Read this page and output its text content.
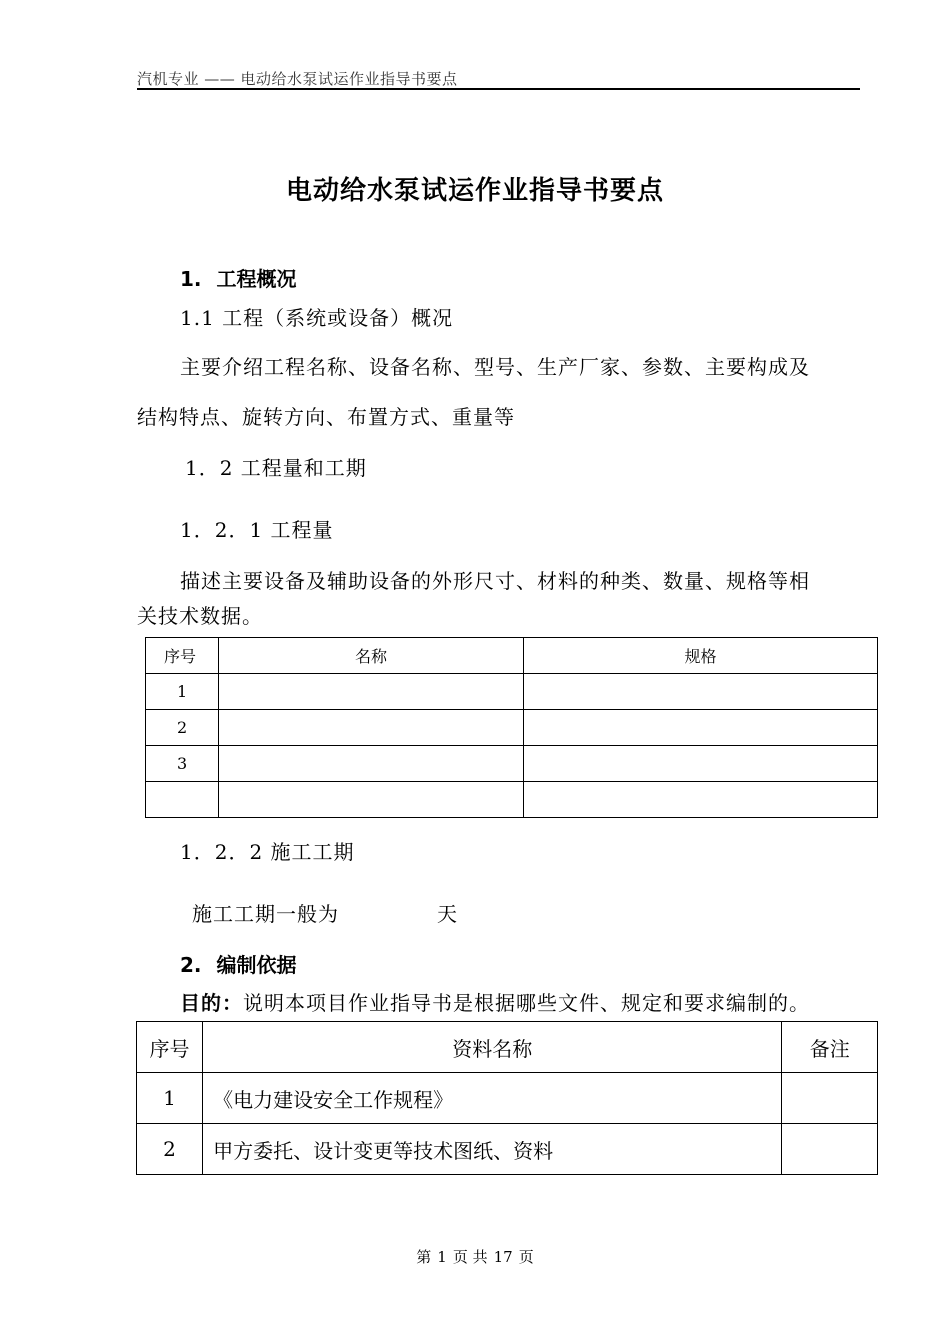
汽机专业 —— 电动给水泵试运作业指导书要点
电动给水泵试运作业指导书要点
1. 工程概况
1.1 工程（系统或设备）概况
主要介绍工程名称、设备名称、型号、生产厂家、参数、主要构成及
结构特点、旋转方向、布置方式、重量等
1．2 工程量和工期
1．2．1 工程量
描述主要设备及辅助设备的外形尺寸、材料的种类、数量、规格等相
关技术数据。
序号	名称	规格
1		
2		
3		

1．2．2 施工工期
施工工期一般为	天
2. 编制依据
目的：说明本项目作业指导书是根据哪些文件、规定和要求编制的。
序号	资料名称	备注
1	《电力建设安全工作规程》	
2	甲方委托、设计变更等技术图纸、资料	
第 1 页 共 17 页
